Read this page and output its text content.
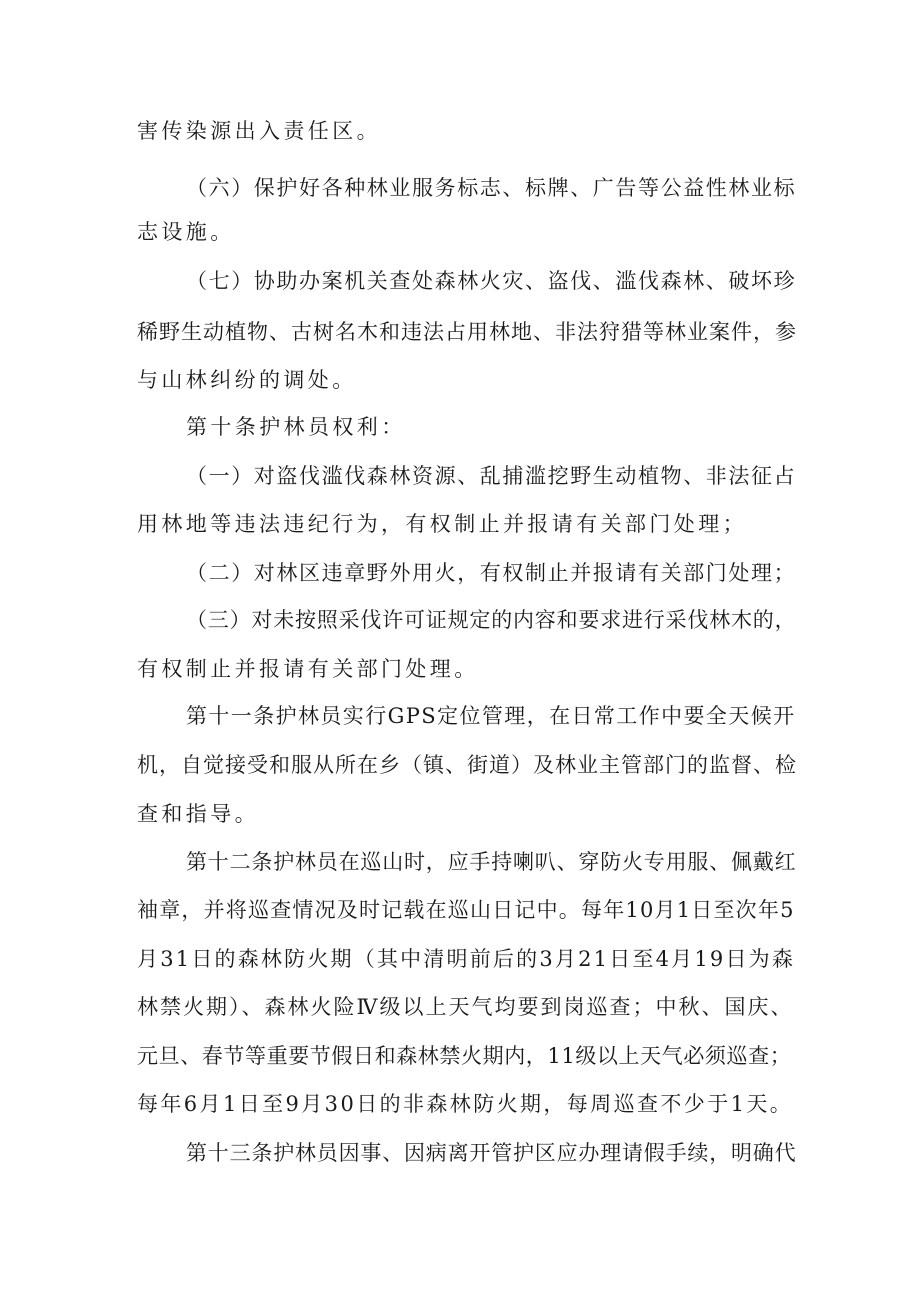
害传染源出入责任区。
（六）保护好各种林业服务标志、标牌、广告等公益性林业标
志设施。
（七）协助办案机关查处森林火灾、盗伐、滥伐森林、破坏珍
稀野生动植物、古树名木和违法占用林地、非法狩猎等林业案件，参
与山林纠纷的调处。
第十条护林员权利：
（一）对盗伐滥伐森林资源、乱捕滥挖野生动植物、非法征占
用林地等违法违纪行为，有权制止并报请有关部门处理；
（二）对林区违章野外用火，有权制止并报请有关部门处理；
（三）对未按照采伐许可证规定的内容和要求进行采伐林木的，
有权制止并报请有关部门处理。
第十一条护林员实行GPS定位管理，在日常工作中要全天候开
机，自觉接受和服从所在乡（镇、街道）及林业主管部门的监督、检
查和指导。
第十二条护林员在巡山时，应手持喇叭、穿防火专用服、佩戴红
袖章，并将巡查情况及时记载在巡山日记中。每年10月1日至次年5
月31日的森林防火期（其中清明前后的3月21日至4月19日为森
林禁火期）、森林火险Ⅳ级以上天气均要到岗巡查；中秋、国庆、
元旦、春节等重要节假日和森林禁火期内，11级以上天气必须巡查；
每年6月1日至9月30日的非森林防火期，每周巡查不少于1天。
第十三条护林员因事、因病离开管护区应办理请假手续，明确代
